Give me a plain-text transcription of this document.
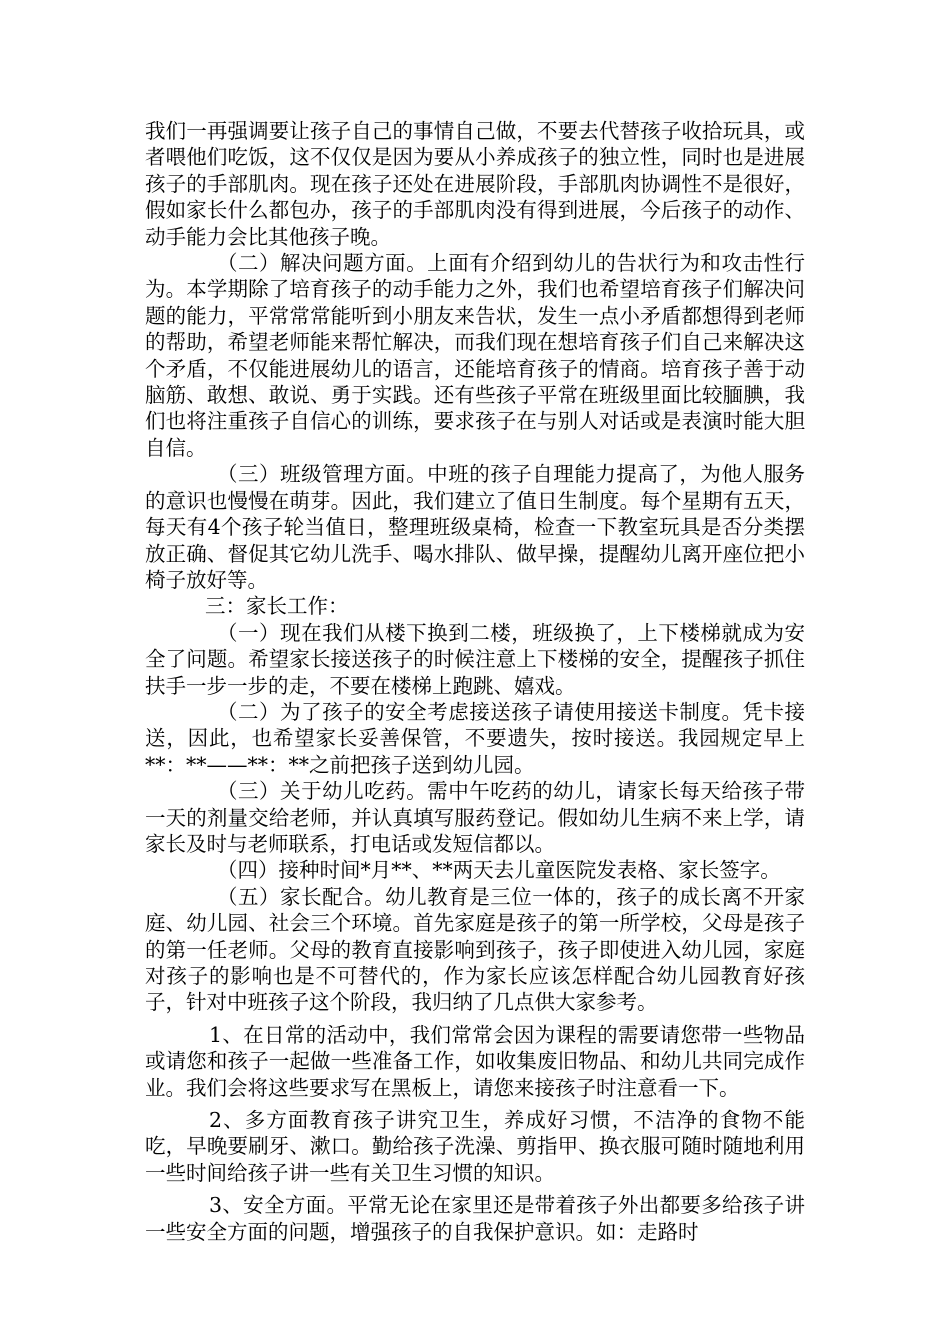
我们一再强调要让孩子自己的事情自己做，不要去代替孩子收拾玩具，或者喂他们吃饭，这不仅仅是因为要从小养成孩子的独立性，同时也是进展孩子的手部肌肉。现在孩子还处在进展阶段，手部肌肉协调性不是很好，假如家长什么都包办，孩子的手部肌肉没有得到进展，今后孩子的动作、动手能力会比其他孩子晚。

（二）解决问题方面。上面有介绍到幼儿的告状行为和攻击性行为。本学期除了培育孩子的动手能力之外，我们也希望培育孩子们解决问题的能力，平常常常能听到小朋友来告状，发生一点小矛盾都想得到老师的帮助，希望老师能来帮忙解决，而我们现在想培育孩子们自己来解决这个矛盾，不仅能进展幼儿的语言，还能培育孩子的情商。培育孩子善于动脑筋、敢想、敢说、勇于实践。还有些孩子平常在班级里面比较腼腆，我们也将注重孩子自信心的训练，要求孩子在与别人对话或是表演时能大胆自信。

（三）班级管理方面。中班的孩子自理能力提高了，为他人服务的意识也慢慢在萌芽。因此，我们建立了值日生制度。每个星期有五天，每天有4个孩子轮当值日，整理班级桌椅，检查一下教室玩具是否分类摆放正确、督促其它幼儿洗手、喝水排队、做早操，提醒幼儿离开座位把小椅子放好等。

三：家长工作：

（一）现在我们从楼下换到二楼，班级换了，上下楼梯就成为安全了问题。希望家长接送孩子的时候注意上下楼梯的安全，提醒孩子抓住扶手一步一步的走，不要在楼梯上跑跳、嬉戏。

（二）为了孩子的安全考虑接送孩子请使用接送卡制度。凭卡接送，因此，也希望家长妥善保管，不要遗失，按时接送。我园规定早上**：**——**：**之前把孩子送到幼儿园。

（三）关于幼儿吃药。需中午吃药的幼儿，请家长每天给孩子带一天的剂量交给老师，并认真填写服药登记。假如幼儿生病不来上学，请家长及时与老师联系，打电话或发短信都以。

（四）接种时间*月**、**两天去儿童医院发表格、家长签字。

（五）家长配合。幼儿教育是三位一体的，孩子的成长离不开家庭、幼儿园、社会三个环境。首先家庭是孩子的第一所学校，父母是孩子的第一任老师。父母的教育直接影响到孩子，孩子即使进入幼儿园，家庭对孩子的影响也是不可替代的，作为家长应该怎样配合幼儿园教育好孩子，针对中班孩子这个阶段，我归纳了几点供大家参考。

1、在日常的活动中，我们常常会因为课程的需要请您带一些物品或请您和孩子一起做一些准备工作，如收集废旧物品、和幼儿共同完成作业。我们会将这些要求写在黑板上，请您来接孩子时注意看一下。

2、多方面教育孩子讲究卫生，养成好习惯，不洁净的食物不能吃，早晚要刷牙、漱口。勤给孩子洗澡、剪指甲、换衣服可随时随地利用一些时间给孩子讲一些有关卫生习惯的知识。

3、安全方面。平常无论在家里还是带着孩子外出都要多给孩子讲一些安全方面的问题，增强孩子的自我保护意识。如：走路时
